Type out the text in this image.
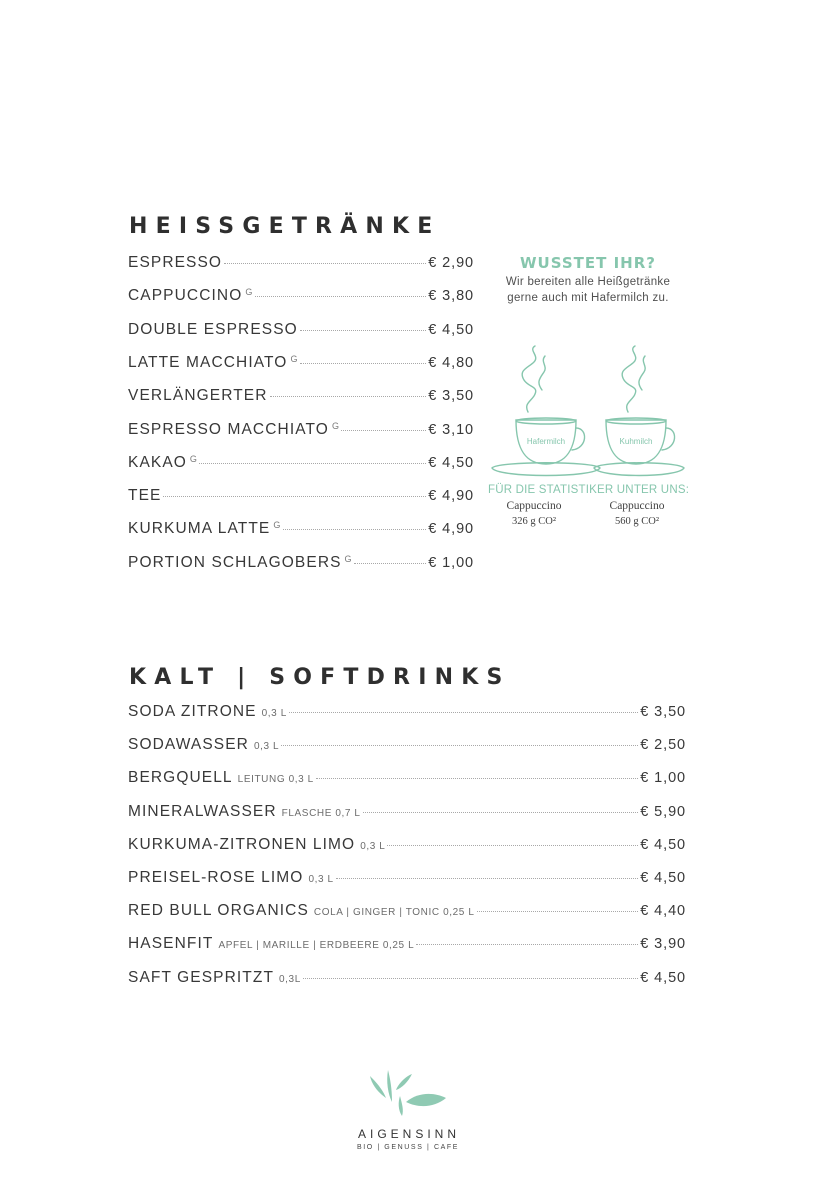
HEISSGETRÄNKE
ESPRESSO	€ 2,90
CAPPUCCINO G	€ 3,80
DOUBLE ESPRESSO	€ 4,50
LATTE MACCHIATO G	€ 4,80
VERLÄNGERTER	€ 3,50
ESPRESSO MACCHIATO G	€ 3,10
KAKAO G	€ 4,50
TEE	€ 4,90
KURKUMA LATTE G	€ 4,90
PORTION SCHLAGOBERS G	€ 1,00
WUSSTET IHR?
Wir bereiten alle Heißgetränke
gerne auch mit Hafermilch zu.
Hafermilch	Kuhmilch
FÜR DIE STATISTIKER UNTER UNS:
Cappuccino
326 g CO²
Cappuccino
560 g CO²
KALT | SOFTDRINKS
SODA ZITRONE 0,3 L	€ 3,50
SODAWASSER 0,3 L	€ 2,50
BERGQUELL LEITUNG 0,3 L	€ 1,00
MINERALWASSER FLASCHE 0,7 L	€ 5,90
KURKUMA-ZITRONEN LIMO 0,3 L	€ 4,50
PREISEL-ROSE LIMO 0,3 L	€ 4,50
RED BULL ORGANICS COLA | GINGER | TONIC 0,25 L	€ 4,40
HASENFIT APFEL | MARILLE | ERDBEERE 0,25 L	€ 3,90
SAFT GESPRITZT 0,3L	€ 4,50
AIGENSINN
BIO | GENUSS | CAFE
